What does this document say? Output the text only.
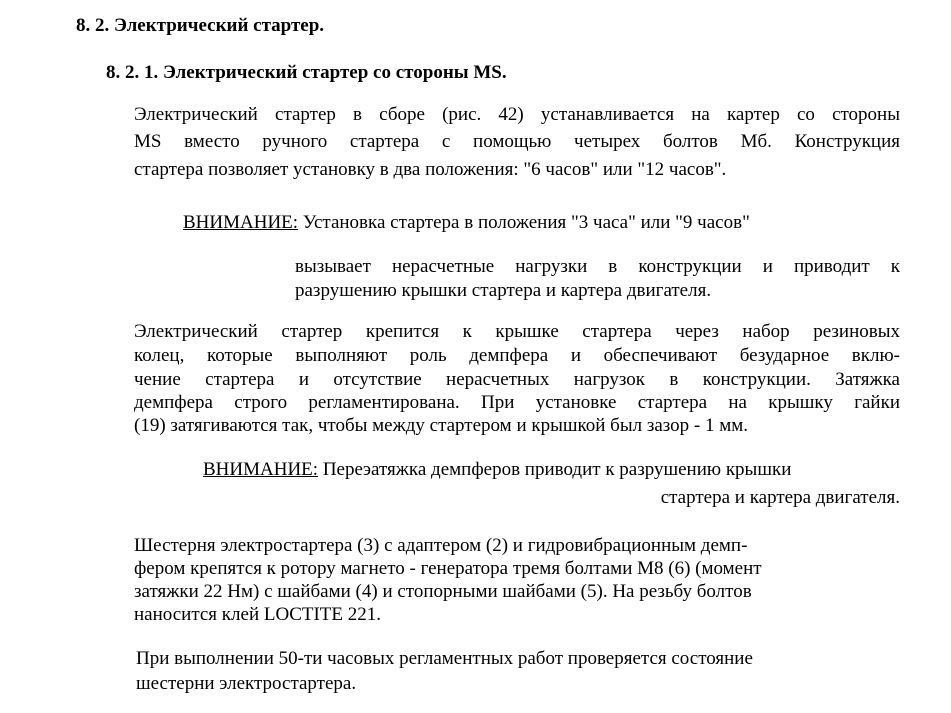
8. 2. Электрический стартер.
8. 2. 1. Электрический стартер со стороны MS.
Электрический стартер в сборе (рис. 42) устанавливается на картер со стороны
MS вместо ручного стартера с помощью четырех болтов Мб. Конструкция
стартера позволяет установку в два положения: "6 часов" или "12 часов".
ВНИМАНИЕ: Установка стартера в положения "3 часа" или "9 часов"
вызывает нерасчетные нагрузки в конструкции и приводит к
разрушению крышки стартера и картера двигателя.
Электрический стартер крепится к крышке стартера через набор резиновых
колец, которые выполняют роль демпфера и обеспечивают безударное вклю-
чение стартера и отсутствие нерасчетных нагрузок в конструкции. Затяжка
демпфера строго регламентирована. При установке стартера на крышку гайки
(19) затягиваются так, чтобы между стартером и крышкой был зазор - 1 мм.
ВНИМАНИЕ: Переэатяжка демпферов приводит к разрушению крышки
стартера и картера двигателя.
Шестерня электростартера (3) с адаптером (2) и гидровибрационным демп-
фером крепятся к ротору магнето - генератора тремя болтами М8 (6) (момент
затяжки 22 Нм) с шайбами (4) и стопорными шайбами (5). На резьбу болтов
наносится клей LOCTITE 221.
При выполнении 50-ти часовых регламентных работ проверяется состояние
шестерни электростартера.
